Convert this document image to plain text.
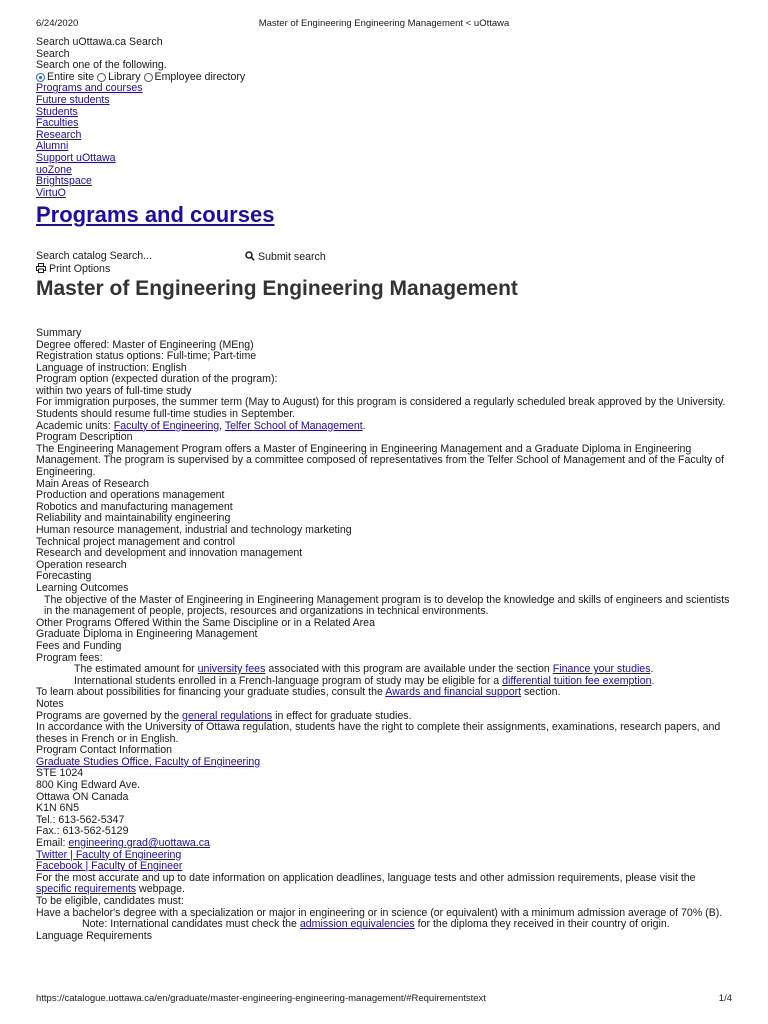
6/24/2020	Master of Engineering Engineering Management < uOttawa
Search uOttawa.ca Search
Search
Search one of the following.
Entire site Library Employee directory
Programs and courses
Future students
Students
Faculties
Research
Alumni
Support uOttawa
uoZone
Brightspace
VirtuO
Programs and courses
Search catalog Search...	Submit search
Print Options
Master of Engineering Engineering Management
Summary
Degree offered: Master of Engineering (MEng)
Registration status options: Full-time; Part-time
Language of instruction: English
Program option (expected duration of the program):
within two years of full-time study
For immigration purposes, the summer term (May to August) for this program is considered a regularly scheduled break approved by the University. Students should resume full-time studies in September.
Academic units: Faculty of Engineering, Telfer School of Management.
Program Description
The Engineering Management Program offers a Master of Engineering in Engineering Management and a Graduate Diploma in Engineering Management. The program is supervised by a committee composed of representatives from the Telfer School of Management and of the Faculty of Engineering.
Main Areas of Research
Production and operations management
Robotics and manufacturing management
Reliability and maintainability engineering
Human resource management, industrial and technology marketing
Technical project management and control
Research and development and innovation management
Operation research
Forecasting
Learning Outcomes
The objective of the Master of Engineering in Engineering Management program is to develop the knowledge and skills of engineers and scientists in the management of people, projects, resources and organizations in technical environments.
Other Programs Offered Within the Same Discipline or in a Related Area
Graduate Diploma in Engineering Management
Fees and Funding
Program fees:
The estimated amount for university fees associated with this program are available under the section Finance your studies.
International students enrolled in a French-language program of study may be eligible for a differential tuition fee exemption.
To learn about possibilities for financing your graduate studies, consult the Awards and financial support section.
Notes
Programs are governed by the general regulations in effect for graduate studies.
In accordance with the University of Ottawa regulation, students have the right to complete their assignments, examinations, research papers, and theses in French or in English.
Program Contact Information
Graduate Studies Office, Faculty of Engineering
STE 1024
800 King Edward Ave.
Ottawa ON Canada
K1N 6N5
Tel.: 613-562-5347
Fax.: 613-562-5129
Email: engineering.grad@uottawa.ca
Twitter | Faculty of Engineering
Facebook | Faculty of Engineer
For the most accurate and up to date information on application deadlines, language tests and other admission requirements, please visit the specific requirements webpage.
To be eligible, candidates must:
Have a bachelor's degree with a specialization or major in engineering or in science (or equivalent) with a minimum admission average of 70% (B).
Note: International candidates must check the admission equivalencies for the diploma they received in their country of origin.
Language Requirements
https://catalogue.uottawa.ca/en/graduate/master-engineering-engineering-management/#Requirementstext	1/4
